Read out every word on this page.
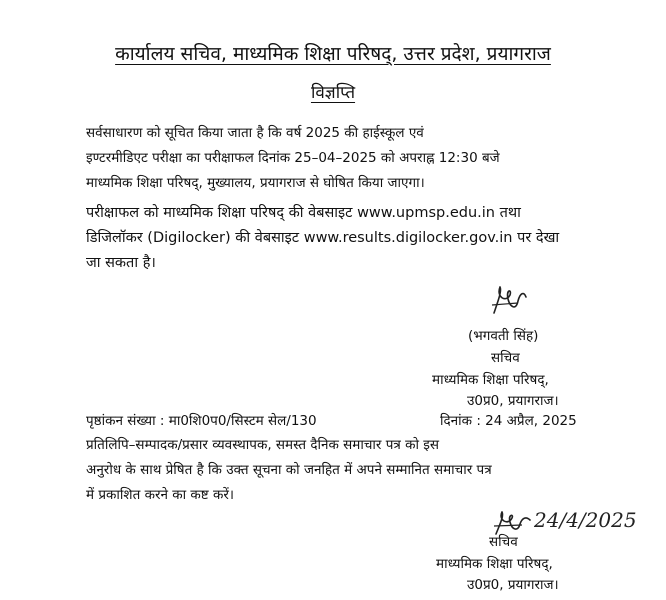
कार्यालय सचिव, माध्यमिक शिक्षा परिषद्, उत्तर प्रदेश, प्रयागराज
विज्ञप्ति
सर्वसाधारण को सूचित किया जाता है कि वर्ष 2025 की हाईस्कूल एवं
इण्टरमीडिएट परीक्षा का परीक्षाफल दिनांक 25–04–2025 को अपराह्न 12:30 बजे
माध्यमिक शिक्षा परिषद्, मुख्यालय, प्रयागराज से घोषित किया जाएगा।
परीक्षाफल को माध्यमिक शिक्षा परिषद् की वेबसाइट www.upmsp.edu.in तथा
डिजिलॉकर (Digilocker) की वेबसाइट www.results.digilocker.gov.in पर देखा
जा सकता है।
(भगवती सिंह)
सचिव
माध्यमिक शिक्षा परिषद्,
उ0प्र0, प्रयागराज।
पृष्ठांकन संख्या : मा0शि0प0/सिस्टम सेल/130	दिनांक : 24 अप्रैल, 2025
प्रतिलिपि–सम्पादक/प्रसार व्यवस्थापक, समस्त दैनिक समाचार पत्र को इस
अनुरोध के साथ प्रेषित है कि उक्त सूचना को जनहित में अपने सम्मानित समाचार पत्र
में प्रकाशित करने का कष्ट करें।
24/4/2025
सचिव
माध्यमिक शिक्षा परिषद्,
उ0प्र0, प्रयागराज।
